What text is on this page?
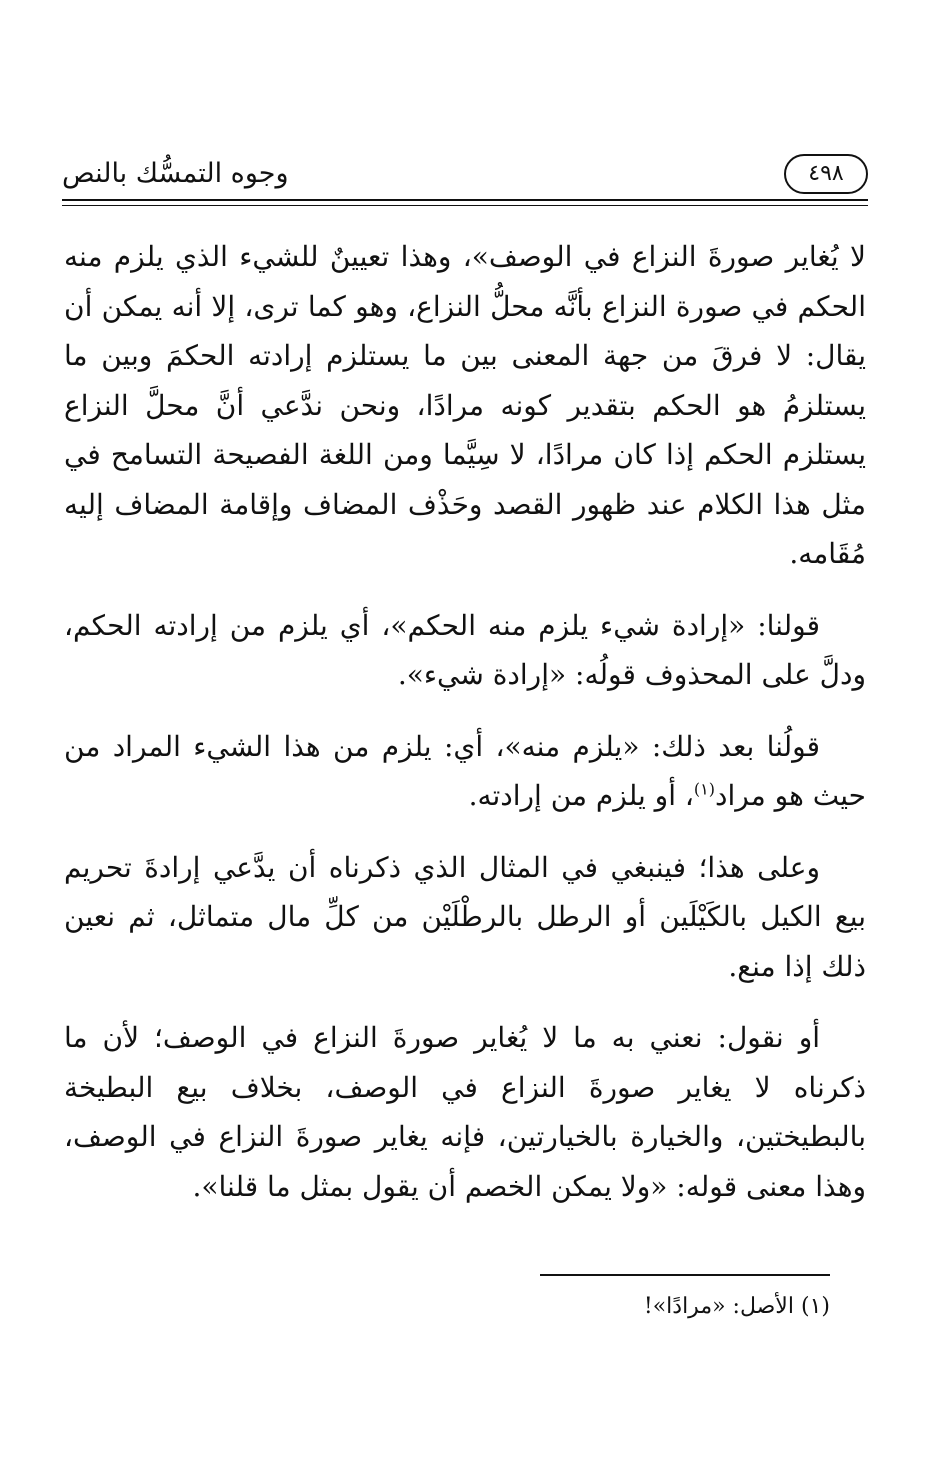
٤٩٨
وجوه التمسُّك بالنص

لا يُغاير صورةَ النزاع في الوصف»، وهذا تعيينٌ للشيء الذي يلزم منه الحكم في صورة النزاع بأنَّه محلُّ النزاع، وهو كما ترى، إلا أنه يمكن أن يقال: لا فرقَ من جهة المعنى بين ما يستلزم إرادته الحكمَ وبين ما يستلزمُ هو الحكم بتقدير كونه مرادًا، ونحن ندَّعي أنَّ محلَّ النزاع يستلزم الحكم إذا كان مرادًا، لا سِيَّما ومن اللغة الفصيحة التسامح في مثل هذا الكلام عند ظهور القصد وحَذْف المضاف وإقامة المضاف إليه مُقَامه.

قولنا: «إرادة شيء يلزم منه الحكم»، أي يلزم من إرادته الحكم، ودلَّ على المحذوف قولُه: «إرادة شيء».

قولُنا بعد ذلك: «يلزم منه»، أي: يلزم من هذا الشيء المراد من حيث هو مراد$^{(١)}$، أو يلزم من إرادته.

وعلى هذا؛ فينبغي في المثال الذي ذكرناه أن يدَّعي إرادةَ تحريم بيع الكيل بالكَيْلَين أو الرطل بالرطْلَيْن من كلِّ مال متماثل، ثم نعين ذلك إذا منع.

أو نقول: نعني به ما لا يُغاير صورةَ النزاع في الوصف؛ لأن ما ذكرناه لا يغاير صورةَ النزاع في الوصف، بخلاف بيع البطيخة بالبطيختين، والخيارة بالخيارتين، فإنه يغاير صورةَ النزاع في الوصف، وهذا معنى قوله: «ولا يمكن الخصم أن يقول بمثل ما قلنا».

(١) الأصل: «مرادًا»!
